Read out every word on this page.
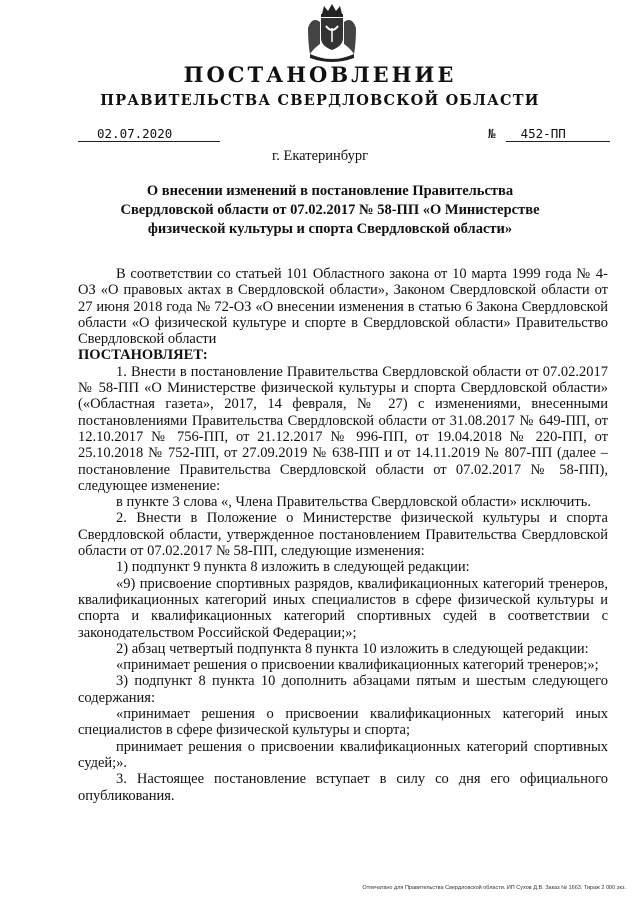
ПОСТАНОВЛЕНИЕ
ПРАВИТЕЛЬСТВА СВЕРДЛОВСКОЙ ОБЛАСТИ
02.07.2020	№ 452-ПП
г. Екатеринбург
О внесении изменений в постановление Правительства Свердловской области от 07.02.2017 № 58-ПП «О Министерстве физической культуры и спорта Свердловской области»

В соответствии со статьей 101 Областного закона от 10 марта 1999 года № 4-ОЗ «О правовых актах в Свердловской области», Законом Свердловской области от 27 июня 2018 года № 72-ОЗ «О внесении изменения в статью 6 Закона Свердловской области «О физической культуре и спорте в Свердловской области» Правительство Свердловской области

ПОСТАНОВЛЯЕТ:

1. Внести в постановление Правительства Свердловской области от 07.02.2017 № 58-ПП «О Министерстве физической культуры и спорта Свердловской области» («Областная газета», 2017, 14 февраля, № 27) с изменениями, внесенными постановлениями Правительства Свердловской области от 31.08.2017 № 649-ПП, от 12.10.2017 № 756-ПП, от 21.12.2017 № 996-ПП, от 19.04.2018 № 220-ПП, от 25.10.2018 № 752-ПП, от 27.09.2019 № 638-ПП и от 14.11.2019 № 807-ПП (далее – постановление Правительства Свердловской области от 07.02.2017 № 58-ПП), следующее изменение:

в пункте 3 слова «, Члена Правительства Свердловской области» исключить.

2. Внести в Положение о Министерстве физической культуры и спорта Свердловской области, утвержденное постановлением Правительства Свердловской области от 07.02.2017 № 58-ПП, следующие изменения:

1) подпункт 9 пункта 8 изложить в следующей редакции:

«9) присвоение спортивных разрядов, квалификационных категорий тренеров, квалификационных категорий иных специалистов в сфере физической культуры и спорта и квалификационных категорий спортивных судей в соответствии с законодательством Российской Федерации;»;

2) абзац четвертый подпункта 8 пункта 10 изложить в следующей редакции:

«принимает решения о присвоении квалификационных категорий тренеров;»;

3) подпункт 8 пункта 10 дополнить абзацами пятым и шестым следующего содержания:

«принимает решения о присвоении квалификационных категорий иных специалистов в сфере физической культуры и спорта;

принимает решения о присвоении квалификационных категорий спортивных судей;».

3. Настоящее постановление вступает в силу со дня его официального опубликования.

Отпечатано для Правительства Свердловской области. ИП Сухов Д.В. Заказ № 1663. Тираж 2 000 экз.
